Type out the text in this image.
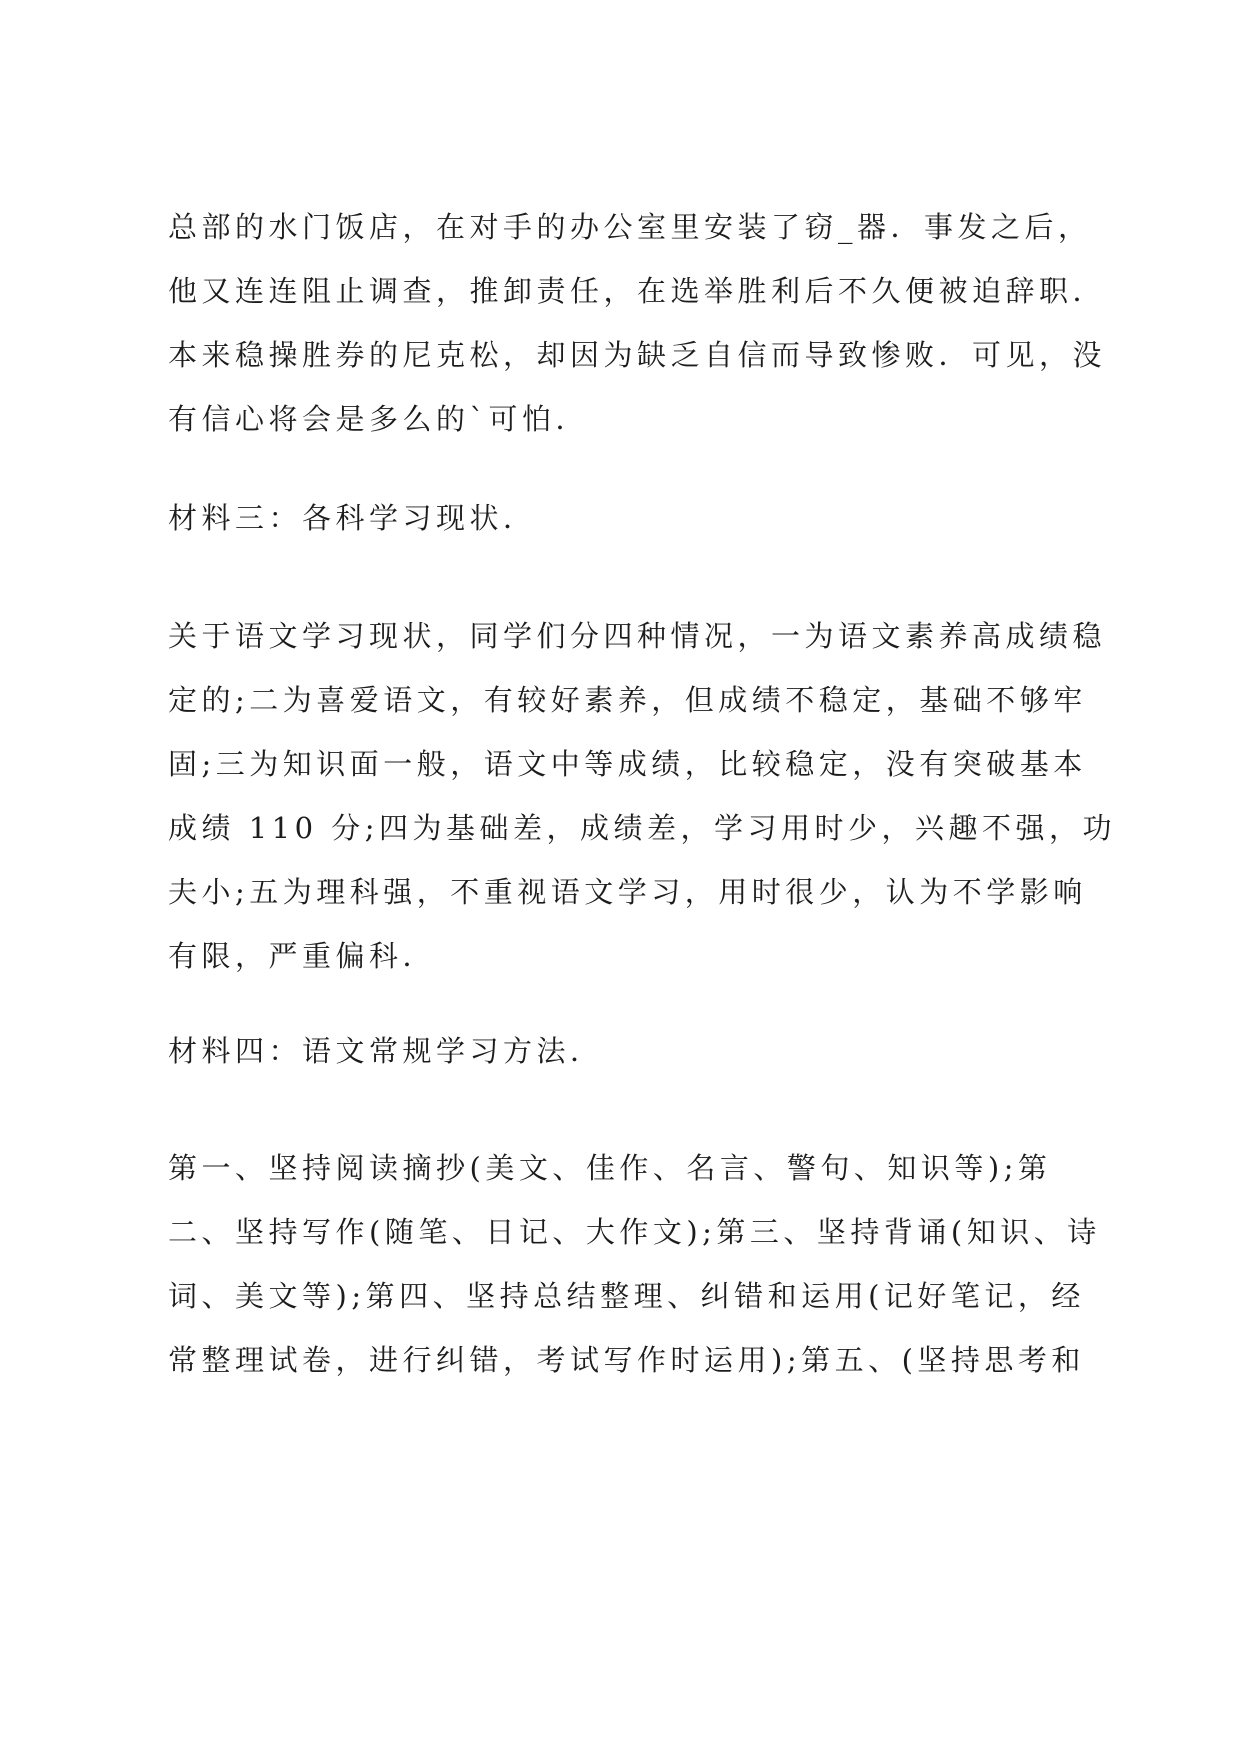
总部的水门饭店，在对手的办公室里安装了窃_器．事发之后，
他又连连阻止调查，推卸责任，在选举胜利后不久便被迫辞职．
本来稳操胜券的尼克松，却因为缺乏自信而导致惨败．可见，没
有信心将会是多么的`可怕．
材料三：各科学习现状．
关于语文学习现状，同学们分四种情况，一为语文素养高成绩稳
定的;二为喜爱语文，有较好素养，但成绩不稳定，基础不够牢
固;三为知识面一般，语文中等成绩，比较稳定，没有突破基本
成绩 110 分;四为基础差，成绩差，学习用时少，兴趣不强，功
夫小;五为理科强，不重视语文学习，用时很少，认为不学影响
有限，严重偏科．
材料四：语文常规学习方法．
第一、坚持阅读摘抄(美文、佳作、名言、警句、知识等);第
二、坚持写作(随笔、日记、大作文);第三、坚持背诵(知识、诗
词、美文等);第四、坚持总结整理、纠错和运用(记好笔记，经
常整理试卷，进行纠错，考试写作时运用);第五、(坚持思考和
